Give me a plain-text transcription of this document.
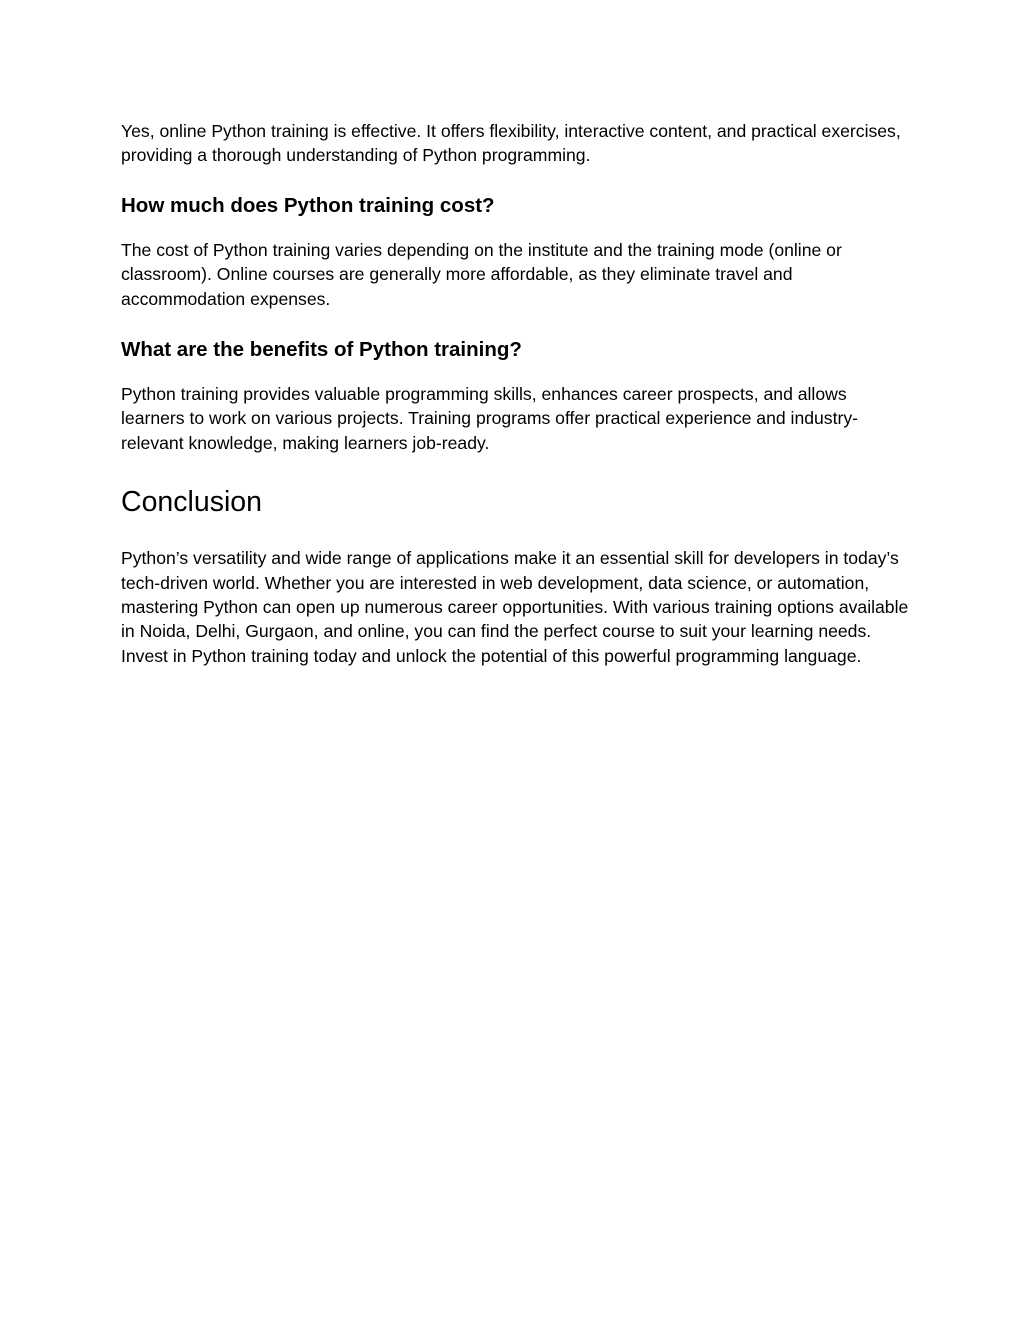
Yes, online Python training is effective. It offers flexibility, interactive content, and practical exercises, providing a thorough understanding of Python programming.

How much does Python training cost?

The cost of Python training varies depending on the institute and the training mode (online or classroom). Online courses are generally more affordable, as they eliminate travel and accommodation expenses.

What are the benefits of Python training?

Python training provides valuable programming skills, enhances career prospects, and allows learners to work on various projects. Training programs offer practical experience and industry-relevant knowledge, making learners job-ready.

Conclusion

Python’s versatility and wide range of applications make it an essential skill for developers in today’s tech-driven world. Whether you are interested in web development, data science, or automation, mastering Python can open up numerous career opportunities. With various training options available in Noida, Delhi, Gurgaon, and online, you can find the perfect course to suit your learning needs. Invest in Python training today and unlock the potential of this powerful programming language.
